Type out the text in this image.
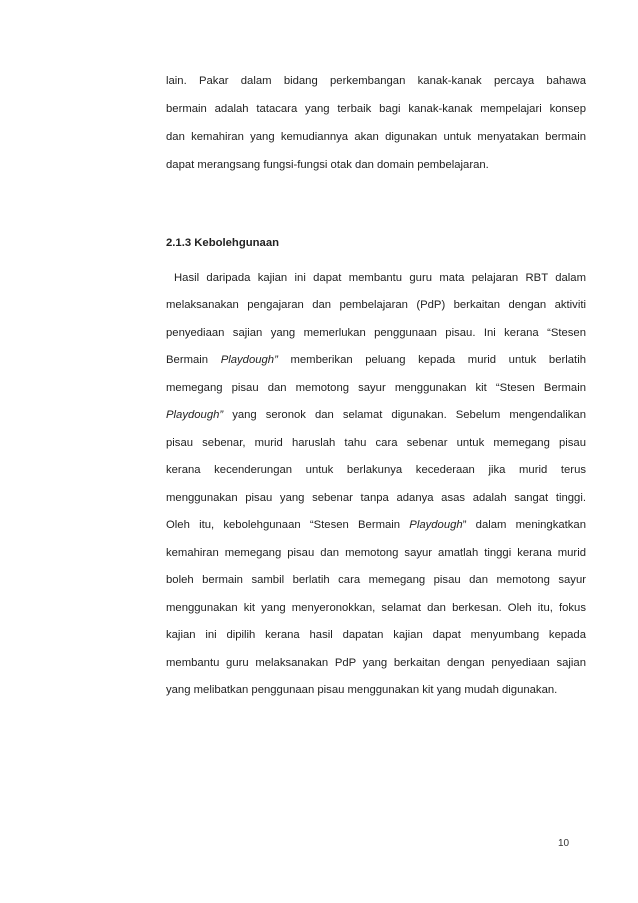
lain. Pakar dalam bidang perkembangan kanak-kanak percaya bahawa
bermain adalah tatacara yang terbaik bagi kanak-kanak mempelajari konsep
dan kemahiran yang kemudiannya akan digunakan untuk menyatakan bermain
dapat merangsang fungsi-fungsi otak dan domain pembelajaran.
2.1.3 Kebolehgunaan
Hasil daripada kajian ini dapat membantu guru mata pelajaran RBT dalam
melaksanakan pengajaran dan pembelajaran (PdP) berkaitan dengan aktiviti
penyediaan sajian yang memerlukan penggunaan pisau. Ini kerana “Stesen
Bermain Playdough” memberikan peluang kepada murid untuk berlatih
memegang pisau dan memotong sayur menggunakan kit “Stesen Bermain
Playdough” yang seronok dan selamat digunakan. Sebelum mengendalikan
pisau sebenar, murid haruslah tahu cara sebenar untuk memegang pisau
kerana kecenderungan untuk berlakunya kecederaan jika murid terus
menggunakan pisau yang sebenar tanpa adanya asas adalah sangat tinggi.
Oleh itu, kebolehgunaan “Stesen Bermain Playdough” dalam meningkatkan
kemahiran memegang pisau dan memotong sayur amatlah tinggi kerana murid
boleh bermain sambil berlatih cara memegang pisau dan memotong sayur
menggunakan kit yang menyeronokkan, selamat dan berkesan. Oleh itu, fokus
kajian ini dipilih kerana hasil dapatan kajian dapat menyumbang kepada
membantu guru melaksanakan PdP yang berkaitan dengan penyediaan sajian
yang melibatkan penggunaan pisau menggunakan kit yang mudah digunakan.
10
